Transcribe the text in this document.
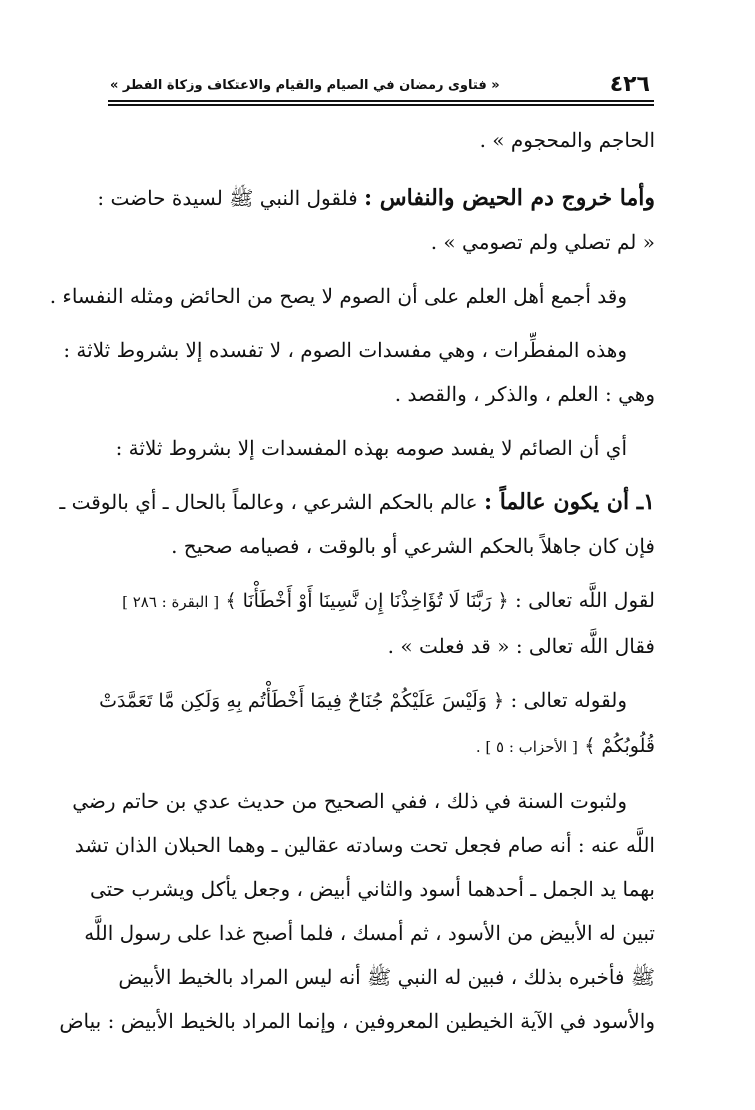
٤٢٦
« فتاوى رمضان في الصيام والقيام والاعتكاف وزكاة الفطر »
الحاجم والمحجوم » .
وأما خروج دم الحيض والنفاس : فلقول النبي ﷺ لسيدة حاضت :
« لم تصلي ولم تصومي » .
وقد أجمع أهل العلم على أن الصوم لا يصح من الحائض ومثله النفساء .
وهذه المفطِّرات ، وهي مفسدات الصوم ، لا تفسده إلا بشروط ثلاثة :
وهي : العلم ، والذكر ، والقصد .
أي أن الصائم لا يفسد صومه بهذه المفسدات إلا بشروط ثلاثة :
١ـ أن يكون عالماً : عالم بالحكم الشرعي ، وعالماً بالحال ـ أي بالوقت ـ
فإن كان جاهلاً بالحكم الشرعي أو بالوقت ، فصيامه صحيح .
لقول اللَّه تعالى : ﴿ رَبَّنَا لَا تُؤَاخِذْنَا إِن نَّسِينَا أَوْ أَخْطَأْنَا ﴾ [ البقرة : ٢٨٦ ]
فقال اللَّه تعالى : « قد فعلت » .
ولقوله تعالى : ﴿ وَلَيْسَ عَلَيْكُمْ جُنَاحٌ فِيمَا أَخْطَأْتُم بِهِ وَلَكِن مَّا تَعَمَّدَتْ
قُلُوبُكُمْ ﴾ [ الأحزاب : ٥ ] .
ولثبوت السنة في ذلك ، ففي الصحيح من حديث عدي بن حاتم رضي
اللَّه عنه : أنه صام فجعل تحت وسادته عقالين ـ وهما الحبلان الذان تشد
بهما يد الجمل ـ أحدهما أسود والثاني أبيض ، وجعل يأكل ويشرب حتى
تبين له الأبيض من الأسود ، ثم أمسك ، فلما أصبح غدا على رسول اللَّه
ﷺ فأخبره بذلك ، فبين له النبي ﷺ أنه ليس المراد بالخيط الأبيض
والأسود في الآية الخيطين المعروفين ، وإنما المراد بالخيط الأبيض : بياض
